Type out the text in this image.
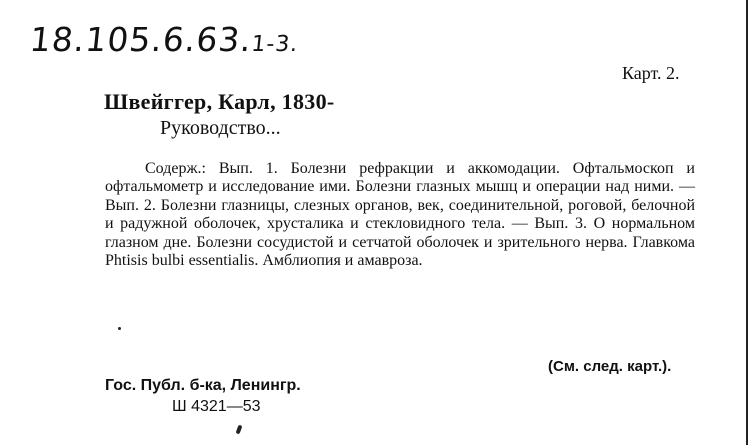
18.105.6.63.1-3.
Карт. 2.
Швейггер, Карл, 1830-
Руководство...
Содерж.: Вып. 1. Болезни рефракции и аккомодации. Офтальмоскоп и офтальмометр и исследование ими. Болезни глазных мышц и операции над ними. — Вып. 2. Болезни глазницы, слезных органов, век, соединительной, роговой, белочной и радужной оболочек, хрусталика и стекловидного тела. — Вып. 3. О нормальном глазном дне. Болезни сосудистой и сетчатой оболочек и зрительного нерва. Главкома Phtisis bulbi essentialis. Амблиопия и амавроза.
(См. след. карт.).
Гос. Публ. б-ка, Ленингр.
Ш 4321—53
